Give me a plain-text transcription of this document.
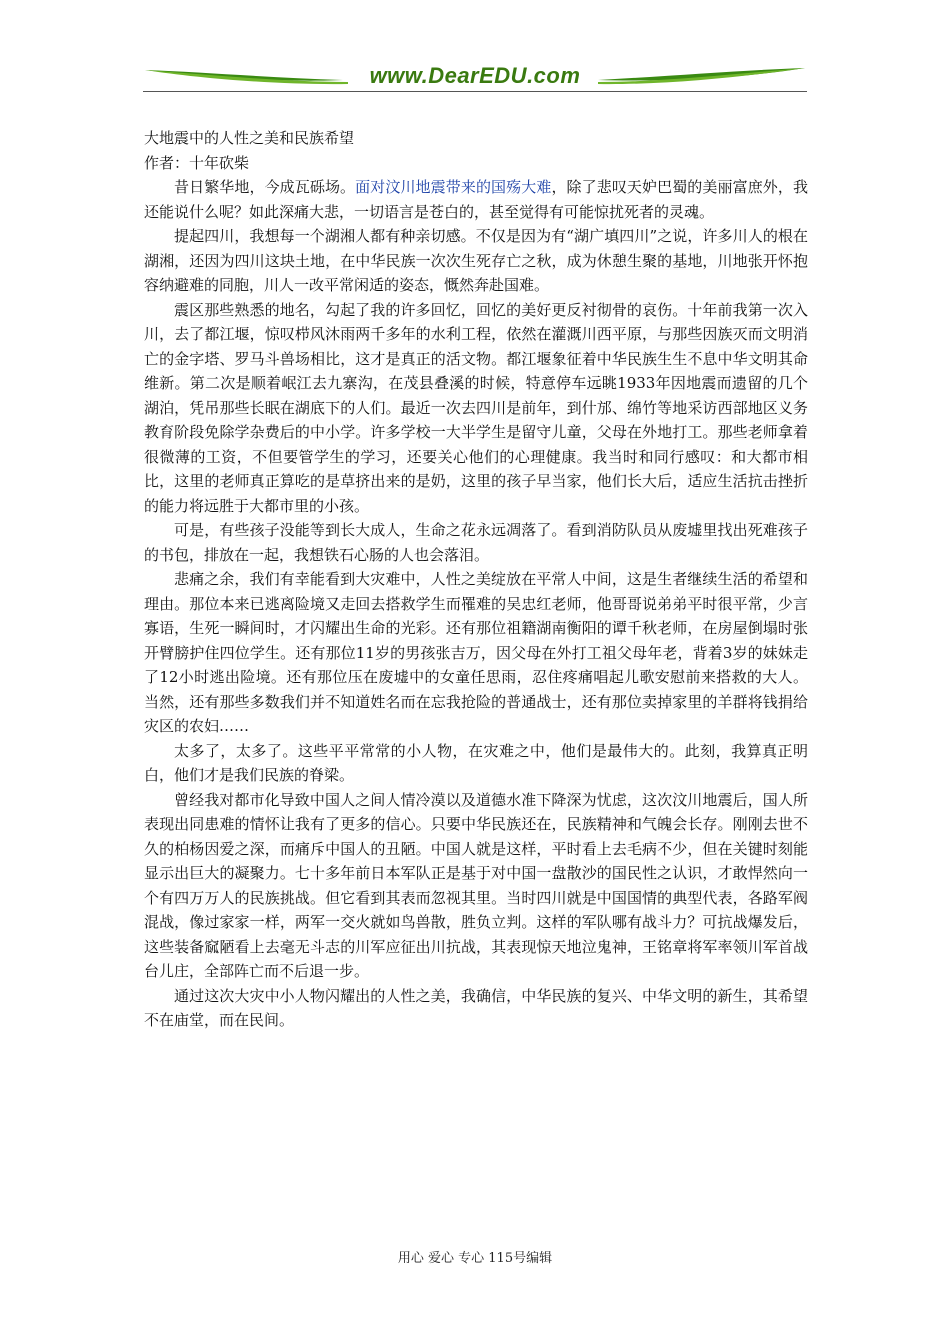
www.DearEDU.com

大地震中的人性之美和民族希望

作者：十年砍柴

昔日繁华地，今成瓦砾场。面对汶川地震带来的国殇大难，除了悲叹天妒巴蜀的美丽富庶外，我还能说什么呢？如此深痛大悲，一切语言是苍白的，甚至觉得有可能惊扰死者的灵魂。

提起四川，我想每一个湖湘人都有种亲切感。不仅是因为有“湖广填四川”之说，许多川人的根在湖湘，还因为四川这块土地，在中华民族一次次生死存亡之秋，成为休憩生聚的基地，川地张开怀抱容纳避难的同胞，川人一改平常闲适的姿态，慨然奔赴国难。

震区那些熟悉的地名，勾起了我的许多回忆，回忆的美好更反衬彻骨的哀伤。十年前我第一次入川，去了都江堰，惊叹栉风沐雨两千多年的水利工程，依然在灌溉川西平原，与那些因族灭而文明消亡的金字塔、罗马斗兽场相比，这才是真正的活文物。都江堰象征着中华民族生生不息中华文明其命维新。第二次是顺着岷江去九寨沟，在茂县叠溪的时候，特意停车远眺1933年因地震而遗留的几个湖泊，凭吊那些长眠在湖底下的人们。最近一次去四川是前年，到什邡、绵竹等地采访西部地区义务教育阶段免除学杂费后的中小学。许多学校一大半学生是留守儿童，父母在外地打工。那些老师拿着很微薄的工资，不但要管学生的学习，还要关心他们的心理健康。我当时和同行感叹：和大都市相比，这里的老师真正算吃的是草挤出来的是奶，这里的孩子早当家，他们长大后，适应生活抗击挫折的能力将远胜于大都市里的小孩。

可是，有些孩子没能等到长大成人，生命之花永远凋落了。看到消防队员从废墟里找出死难孩子的书包，排放在一起，我想铁石心肠的人也会落泪。

悲痛之余，我们有幸能看到大灾难中，人性之美绽放在平常人中间，这是生者继续生活的希望和理由。那位本来已逃离险境又走回去搭救学生而罹难的吴忠红老师，他哥哥说弟弟平时很平常，少言寡语，生死一瞬间时，才闪耀出生命的光彩。还有那位祖籍湖南衡阳的谭千秋老师，在房屋倒塌时张开臂膀护住四位学生。还有那位11岁的男孩张吉万，因父母在外打工祖父母年老，背着3岁的妹妹走了12小时逃出险境。还有那位压在废墟中的女童任思雨，忍住疼痛唱起儿歌安慰前来搭救的大人。当然，还有那些多数我们并不知道姓名而在忘我抢险的普通战士，还有那位卖掉家里的羊群将钱捐给灾区的农妇……

太多了，太多了。这些平平常常的小人物，在灾难之中，他们是最伟大的。此刻，我算真正明白，他们才是我们民族的脊梁。

曾经我对都市化导致中国人之间人情冷漠以及道德水准下降深为忧虑，这次汶川地震后，国人所表现出同患难的情怀让我有了更多的信心。只要中华民族还在，民族精神和气魄会长存。刚刚去世不久的柏杨因爱之深，而痛斥中国人的丑陋。中国人就是这样，平时看上去毛病不少，但在关键时刻能显示出巨大的凝聚力。七十多年前日本军队正是基于对中国一盘散沙的国民性之认识，才敢悍然向一个有四万万人的民族挑战。但它看到其表而忽视其里。当时四川就是中国国情的典型代表，各路军阀混战，像过家家一样，两军一交火就如鸟兽散，胜负立判。这样的军队哪有战斗力？可抗战爆发后，这些装备窳陋看上去毫无斗志的川军应征出川抗战，其表现惊天地泣鬼神，王铭章将军率领川军首战台儿庄，全部阵亡而不后退一步。

通过这次大灾中小人物闪耀出的人性之美，我确信，中华民族的复兴、中华文明的新生，其希望不在庙堂，而在民间。

用心 爱心 专心 115号编辑
